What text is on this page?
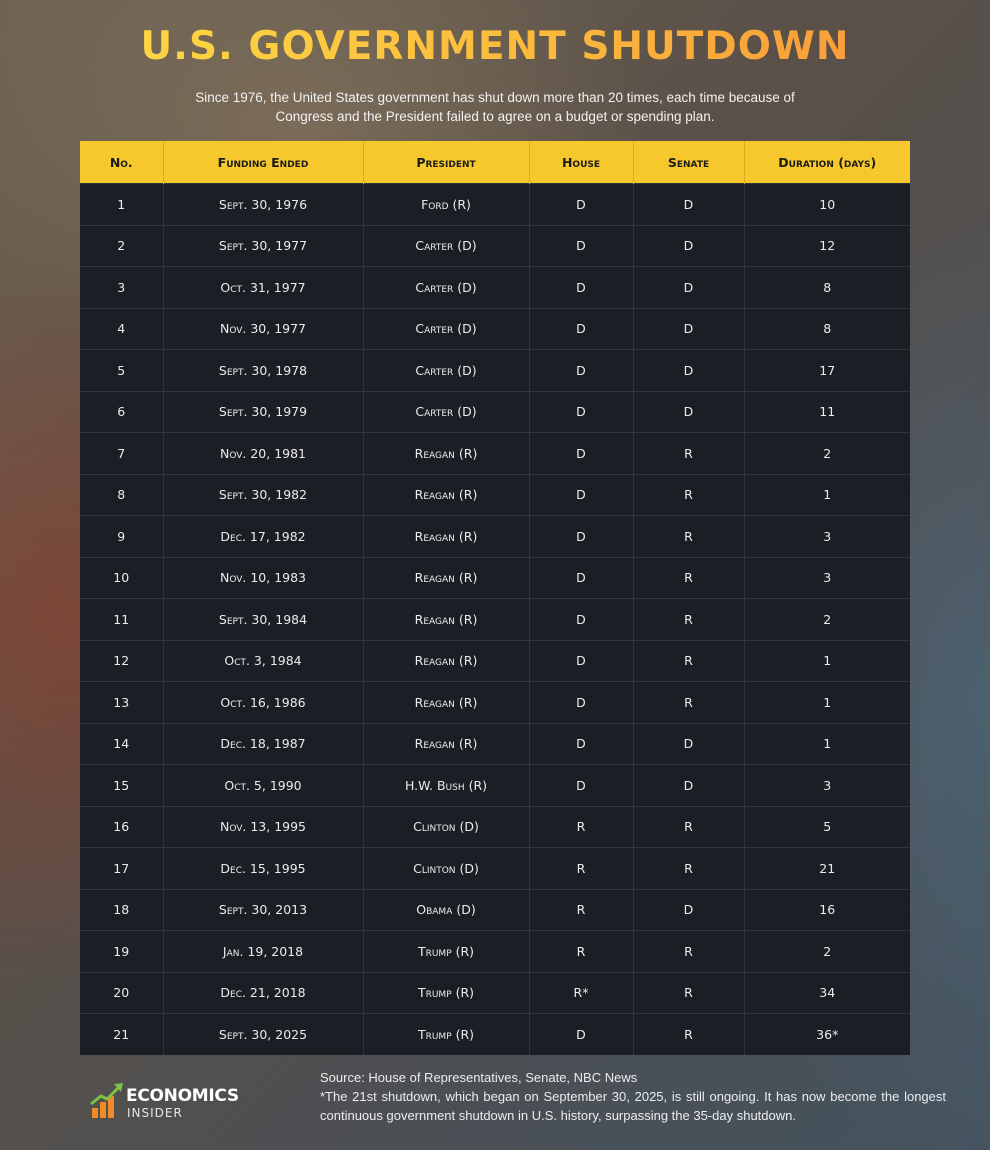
U.S. GOVERNMENT SHUTDOWN
Since 1976, the United States government has shut down more than 20 times, each time because of Congress and the President failed to agree on a budget or spending plan.
No.	Funding Ended	President	House	Senate	Duration (days)
1	Sept. 30, 1976	Ford (R)	D	D	10
2	Sept. 30, 1977	Carter (D)	D	D	12
3	Oct. 31, 1977	Carter (D)	D	D	8
4	Nov. 30, 1977	Carter (D)	D	D	8
5	Sept. 30, 1978	Carter (D)	D	D	17
6	Sept. 30, 1979	Carter (D)	D	D	11
7	Nov. 20, 1981	Reagan (R)	D	R	2
8	Sept. 30, 1982	Reagan (R)	D	R	1
9	Dec. 17, 1982	Reagan (R)	D	R	3
10	Nov. 10, 1983	Reagan (R)	D	R	3
11	Sept. 30, 1984	Reagan (R)	D	R	2
12	Oct. 3, 1984	Reagan (R)	D	R	1
13	Oct. 16, 1986	Reagan (R)	D	R	1
14	Dec. 18, 1987	Reagan (R)	D	D	1
15	Oct. 5, 1990	H.W. Bush (R)	D	D	3
16	Nov. 13, 1995	Clinton (D)	R	R	5
17	Dec. 15, 1995	Clinton (D)	R	R	21
18	Sept. 30, 2013	Obama (D)	R	D	16
19	Jan. 19, 2018	Trump (R)	R	R	2
20	Dec. 21, 2018	Trump (R)	R*	R	34
21	Sept. 30, 2025	Trump (R)	D	R	36*
ECONOMICS
INSIDER
Source: House of Representatives, Senate, NBC News
*The 21st shutdown, which began on September 30, 2025, is still ongoing. It has now become the longest continuous government shutdown in U.S. history, surpassing the 35-day shutdown.
